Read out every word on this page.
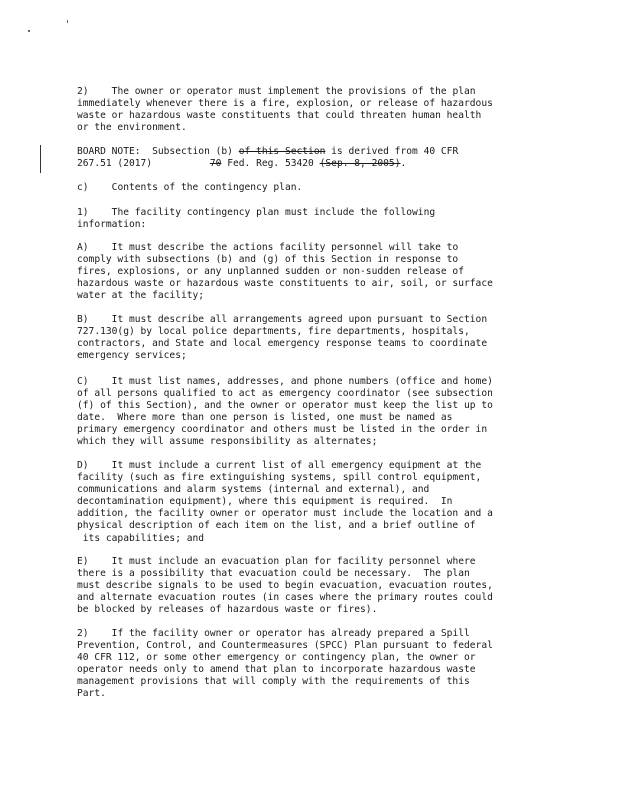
2)    The owner or operator must implement the provisions of the plan
immediately whenever there is a fire, explosion, or release of hazardous
waste or hazardous waste constituents that could threaten human health
or the environment.
BOARD NOTE:  Subsection (b) of this Section is derived from 40 CFR
267.51 (2017)          70 Fed. Reg. 53420 (Sep. 8, 2005).
c)    Contents of the contingency plan.
1)    The facility contingency plan must include the following
information:
A)    It must describe the actions facility personnel will take to
comply with subsections (b) and (g) of this Section in response to
fires, explosions, or any unplanned sudden or non-sudden release of
hazardous waste or hazardous waste constituents to air, soil, or surface
water at the facility;
B)    It must describe all arrangements agreed upon pursuant to Section
727.130(g) by local police departments, fire departments, hospitals,
contractors, and State and local emergency response teams to coordinate
emergency services;
C)    It must list names, addresses, and phone numbers (office and home)
of all persons qualified to act as emergency coordinator (see subsection
(f) of this Section), and the owner or operator must keep the list up to
date.  Where more than one person is listed, one must be named as
primary emergency coordinator and others must be listed in the order in
which they will assume responsibility as alternates;
D)    It must include a current list of all emergency equipment at the
facility (such as fire extinguishing systems, spill control equipment,
communications and alarm systems (internal and external), and
decontamination equipment), where this equipment is required.  In
addition, the facility owner or operator must include the location and a
physical description of each item on the list, and a brief outline of
its capabilities; and
E)    It must include an evacuation plan for facility personnel where
there is a possibility that evacuation could be necessary.  The plan
must describe signals to be used to begin evacuation, evacuation routes,
and alternate evacuation routes (in cases where the primary routes could
be blocked by releases of hazardous waste or fires).
2)    If the facility owner or operator has already prepared a Spill
Prevention, Control, and Countermeasures (SPCC) Plan pursuant to federal
40 CFR 112, or some other emergency or contingency plan, the owner or
operator needs only to amend that plan to incorporate hazardous waste
management provisions that will comply with the requirements of this
Part.
